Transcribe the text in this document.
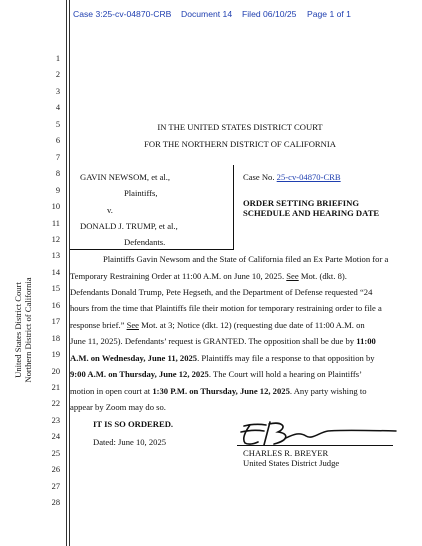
Case 3:25-cv-04870-CRB Document 14 Filed 06/10/25 Page 1 of 1
1
2
3
4
5
6
7
8
9
10
11
12
13
14
15
16
17
18
19
20
21
22
23
24
25
26
27
28
United States District Court Northern District of California
IN THE UNITED STATES DISTRICT COURT
FOR THE NORTHERN DISTRICT OF CALIFORNIA
GAVIN NEWSOM, et al.,
Plaintiffs,
v.
DONALD J. TRUMP, et al.,
Defendants.
Case No. 25-cv-04870-CRB
ORDER SETTING BRIEFING
SCHEDULE AND HEARING DATE
Plaintiffs Gavin Newsom and the State of California filed an Ex Parte Motion for a
Temporary Restraining Order at 11:00 A.M. on June 10, 2025. See Mot. (dkt. 8).
Defendants Donald Trump, Pete Hegseth, and the Department of Defense requested “24
hours from the time that Plaintiffs file their motion for temporary restraining order to file a
response brief.” See Mot. at 3; Notice (dkt. 12) (requesting due date of 11:00 A.M. on
June 11, 2025). Defendants’ request is GRANTED. The opposition shall be due by 11:00
A.M. on Wednesday, June 11, 2025. Plaintiffs may file a response to that opposition by
9:00 A.M. on Thursday, June 12, 2025. The Court will hold a hearing on Plaintiffs’
motion in open court at 1:30 P.M. on Thursday, June 12, 2025. Any party wishing to
appear by Zoom may do so.
IT IS SO ORDERED.
Dated: June 10, 2025
CHARLES R. BREYER
United States District Judge
